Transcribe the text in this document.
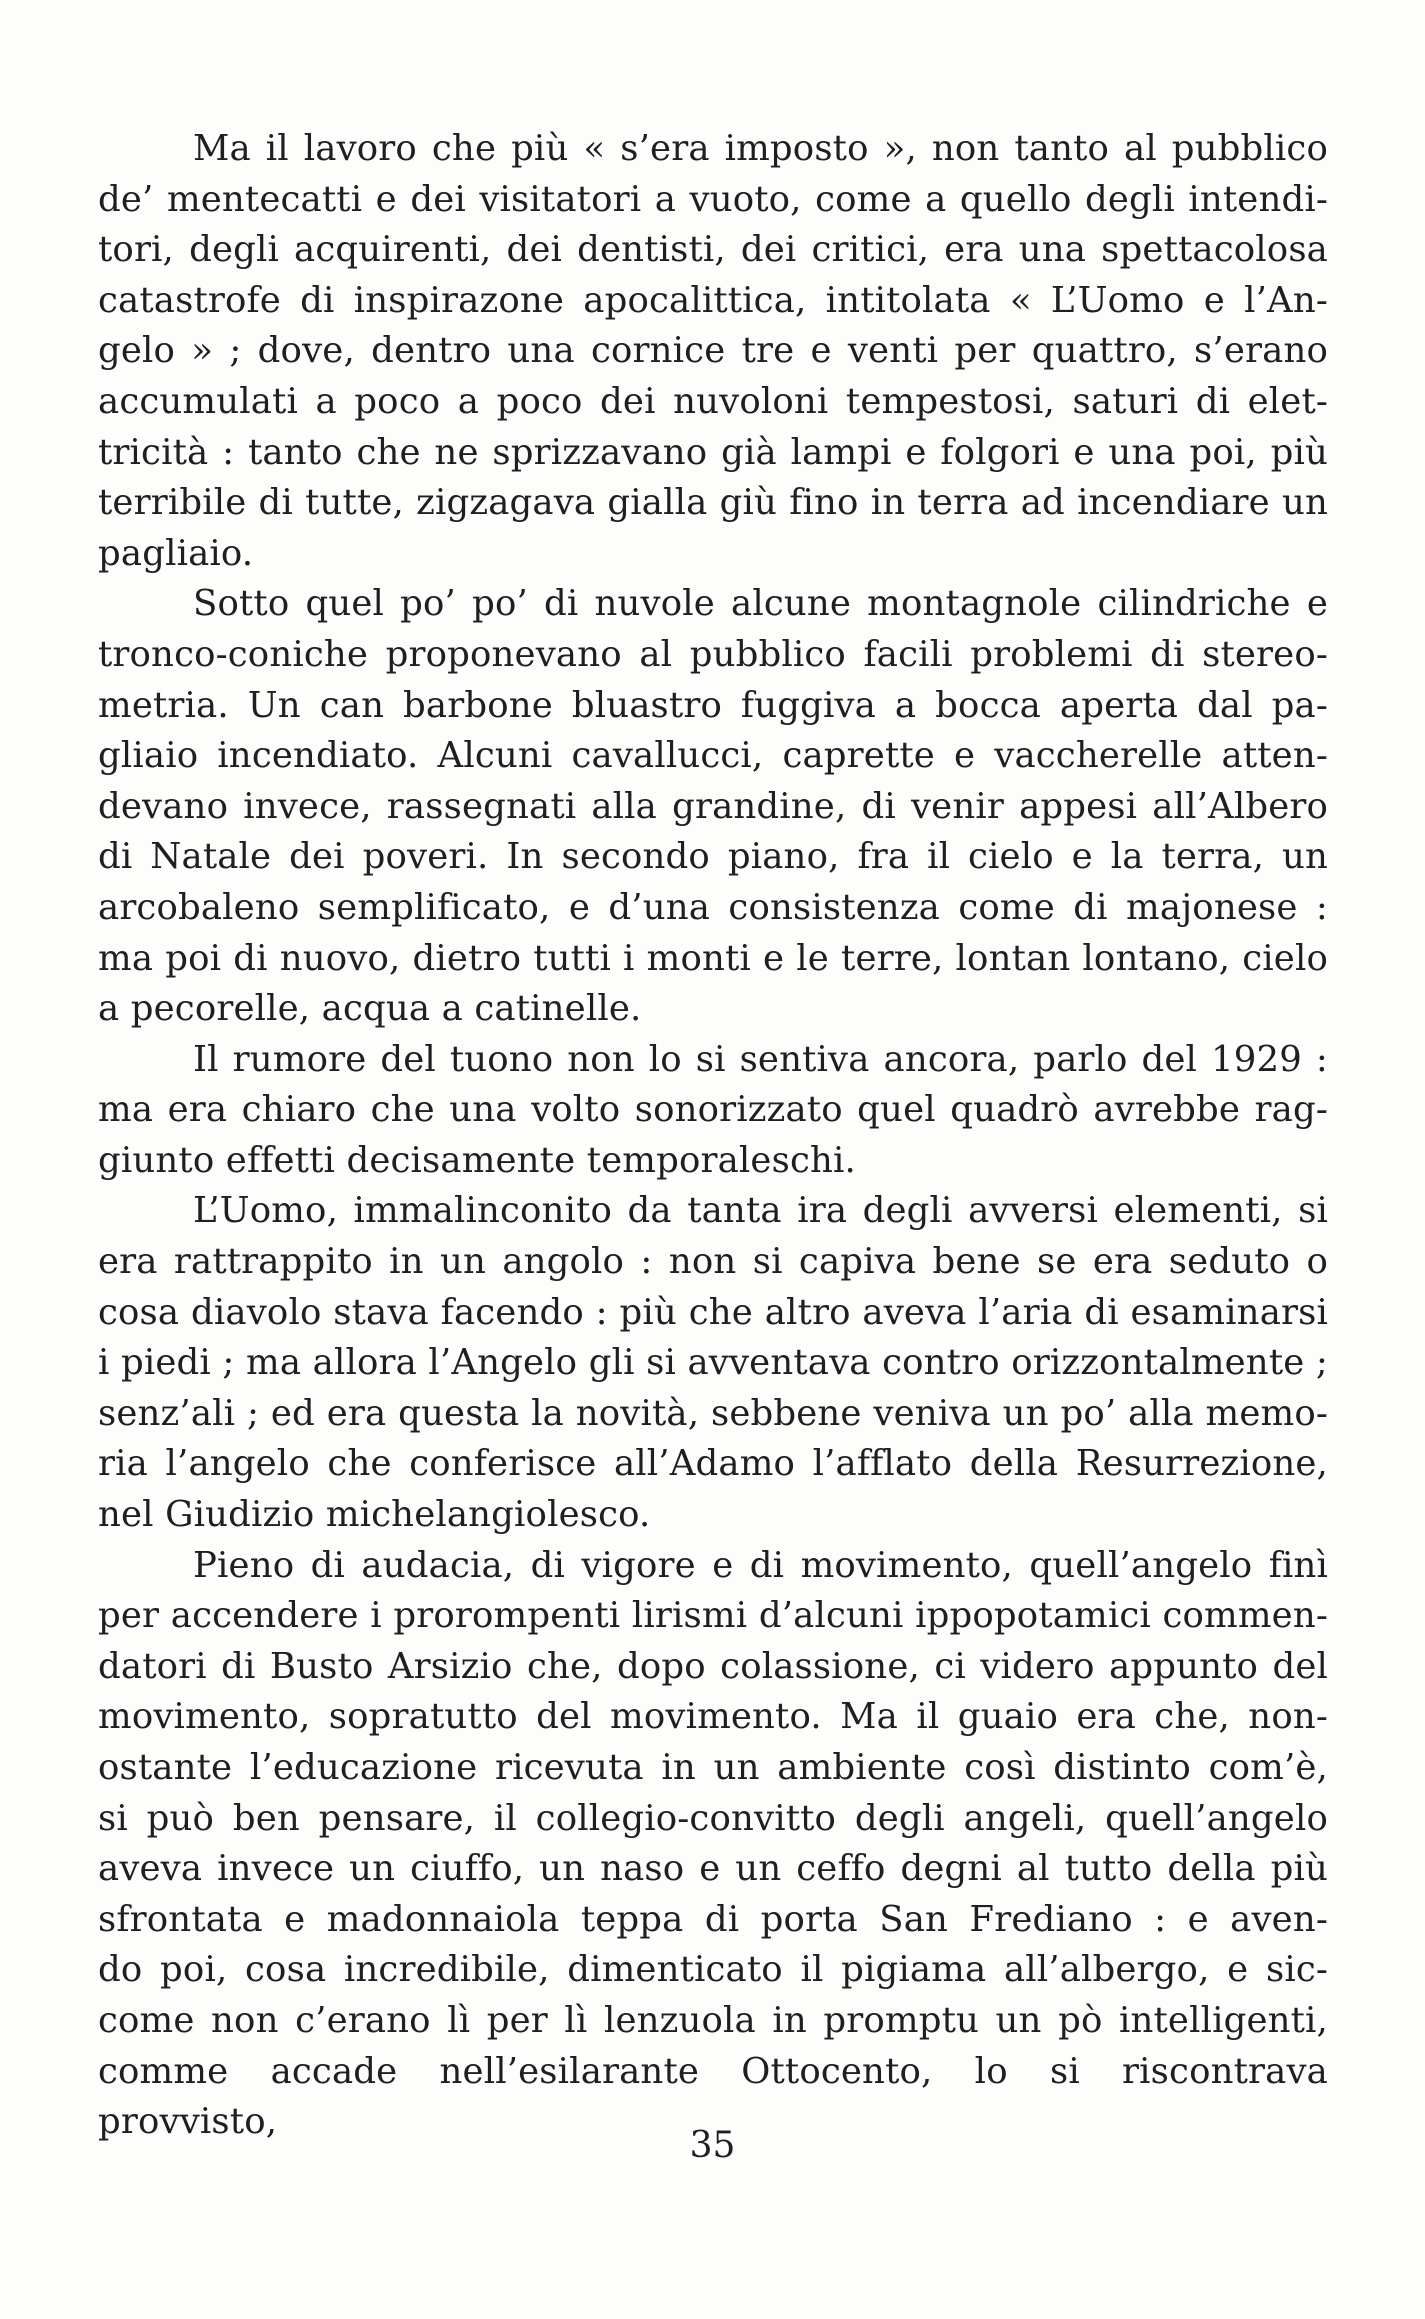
Ma il lavoro che più « s’era imposto », non tanto al pubblico
de’ mentecatti e dei visitatori a vuoto, come a quello degli intendi-
tori, degli acquirenti, dei dentisti, dei critici, era una spettacolosa
catastrofe di inspirazone apocalittica, intitolata « L’Uomo e l’An-
gelo » ; dove, dentro una cornice tre e venti per quattro, s’erano
accumulati a poco a poco dei nuvoloni tempestosi, saturi di elet-
tricità : tanto che ne sprizzavano già lampi e folgori e una poi, più
terribile di tutte, zigzagava gialla giù fino in terra ad incendiare un
pagliaio.
Sotto quel po’ po’ di nuvole alcune montagnole cilindriche e
tronco-coniche proponevano al pubblico facili problemi di stereo-
metria. Un can barbone bluastro fuggiva a bocca aperta dal pa-
gliaio incendiato. Alcuni cavallucci, caprette e vaccherelle atten-
devano invece, rassegnati alla grandine, di venir appesi all’Albero
di Natale dei poveri. In secondo piano, fra il cielo e la terra, un
arcobaleno semplificato, e d’una consistenza come di majonese :
ma poi di nuovo, dietro tutti i monti e le terre, lontan lontano, cielo
a pecorelle, acqua a catinelle.
Il rumore del tuono non lo si sentiva ancora, parlo del 1929 :
ma era chiaro che una volto sonorizzato quel quadrò avrebbe rag-
giunto effetti decisamente temporaleschi.
L’Uomo, immalinconito da tanta ira degli avversi elementi, si
era rattrappito in un angolo : non si capiva bene se era seduto o
cosa diavolo stava facendo : più che altro aveva l’aria di esaminarsi
i piedi ; ma allora l’Angelo gli si avventava contro orizzontalmente ;
senz’ali ; ed era questa la novità, sebbene veniva un po’ alla memo-
ria l’angelo che conferisce all’Adamo l’afflato della Resurrezione,
nel Giudizio michelangiolesco.
Pieno di audacia, di vigore e di movimento, quell’angelo finì
per accendere i prorompenti lirismi d’alcuni ippopotamici commen-
datori di Busto Arsizio che, dopo colassione, ci videro appunto del
movimento, sopratutto del movimento. Ma il guaio era che, non-
ostante l’educazione ricevuta in un ambiente così distinto com’è,
si può ben pensare, il collegio-convitto degli angeli, quell’angelo
aveva invece un ciuffo, un naso e un ceffo degni al tutto della più
sfrontata e madonnaiola teppa di porta San Frediano : e aven-
do poi, cosa incredibile, dimenticato il pigiama all’albergo, e sic-
come non c’erano lì per lì lenzuola in promptu un pò intelligenti,
comme accade nell’esilarante Ottocento, lo si riscontrava provvisto,
35
